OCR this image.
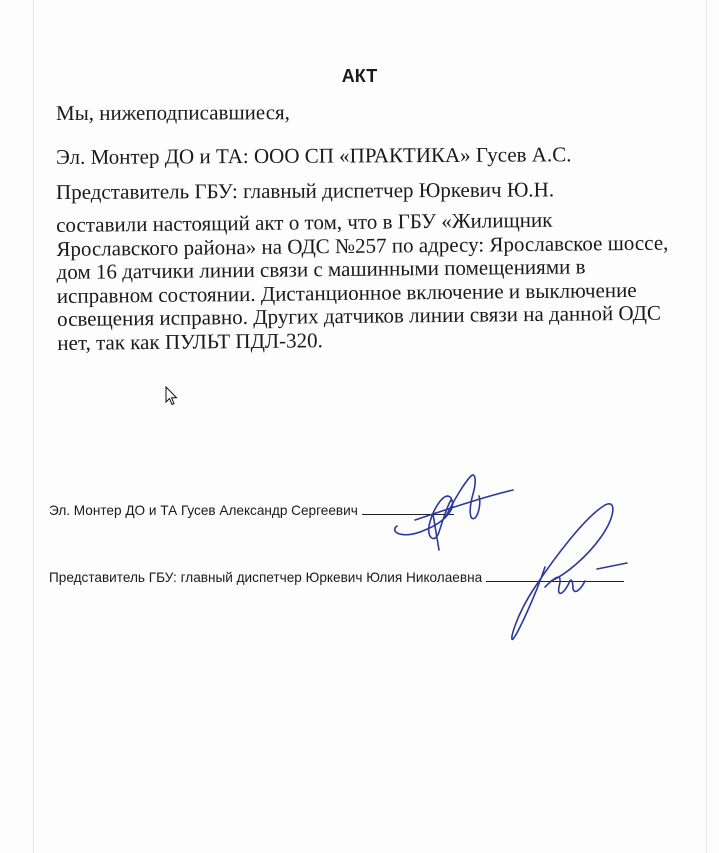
АКТ
Мы, нижеподписавшиеся,
Эл. Монтер ДО и ТА: ООО СП «ПРАКТИКА» Гусев А.С.
Представитель ГБУ: главный диспетчер Юркевич Ю.Н.
составили настоящий акт о том, что в ГБУ «Жилищник
Ярославского района» на ОДС №257 по адресу: Ярославское шоссе,
дом 16 датчики линии связи с машинными помещениями в
исправном состоянии. Дистанционное включение и выключение
освещения исправно. Других датчиков линии связи на данной ОДС
нет, так как ПУЛЬТ ПДЛ-320.
Эл. Монтер ДО и ТА Гусев Александр Сергеевич
Представитель ГБУ: главный диспетчер Юркевич Юлия Николаевна
